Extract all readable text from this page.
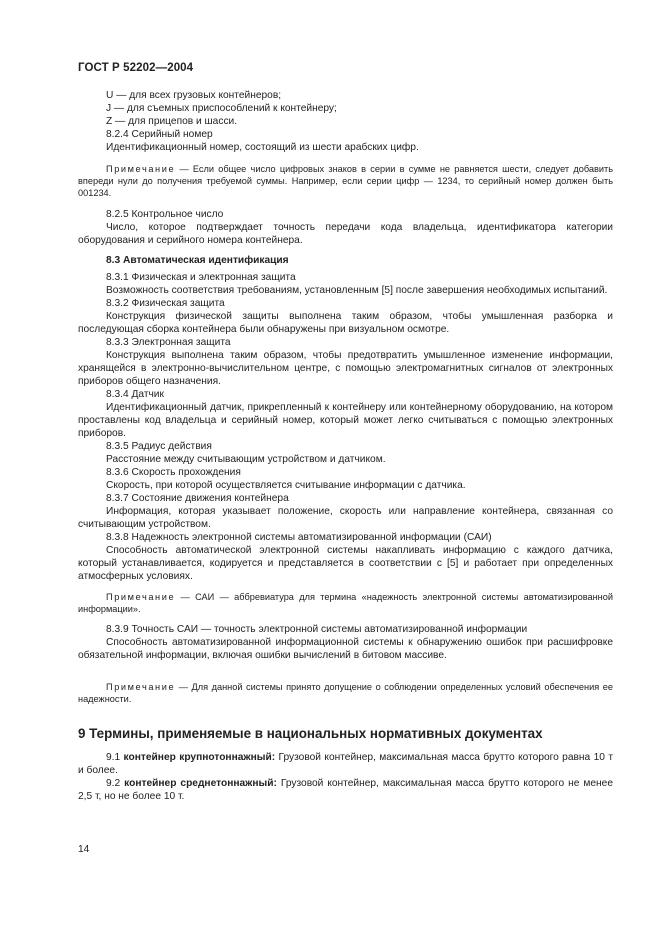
ГОСТ Р 52202—2004

U — для всех грузовых контейнеров;

J — для съемных приспособлений к контейнеру;

Z — для прицепов и шасси.

8.2.4 Серийный номер

Идентификационный номер, состоящий из шести арабских цифр.

Примечание — Если общее число цифровых знаков в серии в сумме не равняется шести, следует добавить впереди нули до получения требуемой суммы. Например, если серии цифр — 1234, то серийный номер должен быть 001234.

8.2.5 Контрольное число

Число, которое подтверждает точность передачи кода владельца, идентификатора категории оборудования и серийного номера контейнера.

8.3 Автоматическая идентификация

8.3.1 Физическая и электронная защита

Возможность соответствия требованиям, установленным [5] после завершения необходимых испытаний.

8.3.2 Физическая защита

Конструкция физической защиты выполнена таким образом, чтобы умышленная разборка и последующая сборка контейнера были обнаружены при визуальном осмотре.

8.3.3 Электронная защита

Конструкция выполнена таким образом, чтобы предотвратить умышленное изменение информации, хранящейся в электронно-вычислительном центре, с помощью электромагнитных сигналов от электронных приборов общего назначения.

8.3.4 Датчик

Идентификационный датчик, прикрепленный к контейнеру или контейнерному оборудованию, на котором проставлены код владельца и серийный номер, который может легко считываться с помощью электронных приборов.

8.3.5 Радиус действия

Расстояние между считывающим устройством и датчиком.

8.3.6 Скорость прохождения

Скорость, при которой осуществляется считывание информации с датчика.

8.3.7 Состояние движения контейнера

Информация, которая указывает положение, скорость или направление контейнера, связанная со считывающим устройством.

8.3.8 Надежность электронной системы автоматизированной информации (САИ)

Способность автоматической электронной системы накапливать информацию с каждого датчика, который устанавливается, кодируется и представляется в соответствии с [5] и работает при определенных атмосферных условиях.

Примечание — САИ — аббревиатура для термина «надежность электронной системы автоматизированной информации».

8.3.9 Точность САИ — точность электронной системы автоматизированной информации

Способность автоматизированной информационной системы к обнаружению ошибок при расшифровке обязательной информации, включая ошибки вычислений в битовом массиве.

Примечание — Для данной системы принято допущение о соблюдении определенных условий обеспечения ее надежности.

9 Термины, применяемые в национальных нормативных документах

9.1 контейнер крупнотоннажный: Грузовой контейнер, максимальная масса брутто которого равна 10 т и более.

9.2 контейнер среднетоннажный: Грузовой контейнер, максимальная масса брутто которого не менее 2,5 т, но не более 10 т.

14
